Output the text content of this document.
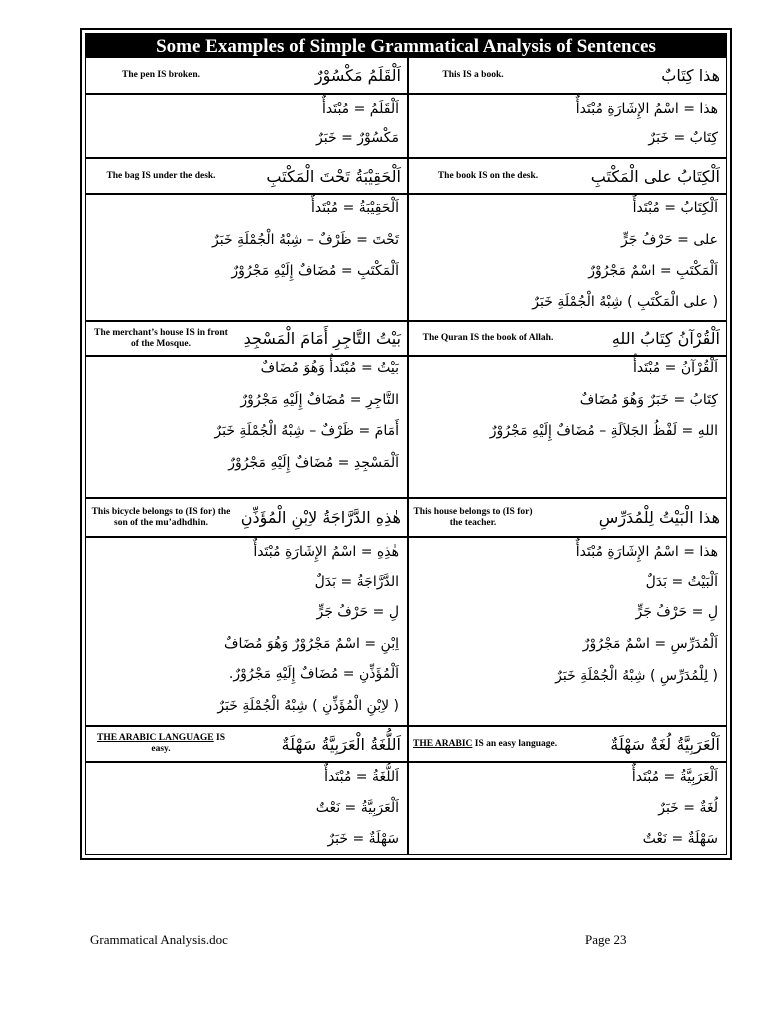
Some Examples of Simple Grammatical Analysis of Sentences
The pen IS broken.	اَلْقَلَمُ مَكْسُوْرٌ
اَلْقَلَمُ = مُبْتَدأٌ
مَكْسُوْرٌ = خَبَرٌ
The bag IS under the desk.	اَلْحَقِيْبَةُ تَحْتَ الْمَكْتَبِ
اَلْحَقِيْبَةُ = مُبْتَدأٌ
تَحْتَ = ظَرْفٌ – شِبْهُ الْجُمْلَةِ خَبَرٌ
اَلْمَكْتَبِ = مُضَافٌ إِلَيْهِ مَجْرُوْرٌ
The merchant’s house IS in front of the Mosque.	بَيْتُ التَّاجِرِ أَمَامَ الْمَسْجِدِ
بَيْتُ = مُبْتَدأٌ وَهُوَ مُضَافٌ
التَّاجِرِ = مُضَافٌ إِلَيْهِ مَجْرُوْرٌ
أَمَامَ = ظَرْفٌ – شِبْهُ الْجُمْلَةِ خَبَرٌ
اَلْمَسْجِدِ = مُضَافٌ إِلَيْهِ مَجْرُوْرٌ
This bicycle belongs to (IS for) the son of the mu’adhdhin.	هٰذِهِ الدَّرَّاجَةُ لاِبْنِ الْمُؤَذِّنِ
هٰذِهِ = اسْمُ الإِشَارَةِ مُبْتَدأٌ
الدَّرَّاجَةُ = بَدَلٌ
لِ = حَرْفُ جَرٍّ
اِبْنِ = اسْمٌ مَجْرُوْرٌ وَهُوَ مُضَافٌ
اَلْمُؤَذِّنِ = مُضَافٌ إِلَيْهِ مَجْرُوْرٌ.
( لاِبْنِ الْمُؤَذِّنِ ) شِبْهُ الْجُمْلَةِ خَبَرٌ
THE ARABIC LANGUAGE IS easy.	اَللُّغَةُ الْعَرَبِيَّةُ سَهْلَةٌ
اَللُّغَةُ = مُبْتَدأٌ
اَلْعَرَبِيَّةُ = نَعْتٌ
سَهْلَةٌ = خَبَرٌ
This IS a book.	هذا كِتَابٌ
هذا = اسْمُ الإِشَارَةِ مُبْتَدأٌ
كِتَابٌ = خَبَرٌ
The book IS on the desk.	اَلْكِتَابُ على الْمَكْتَبِ
اَلْكِتَابُ = مُبْتَدأٌ
على = حَرْفُ جَرٍّ
اَلْمَكْتَبِ = اسْمٌ مَجْرُوْرٌ
( على الْمَكْتَبِ ) شِبْهُ الْجُمْلَةِ خَبَرٌ
The Quran IS the book of Allah.	اَلْقُرْآنُ كِتَابُ اللهِ
اَلْقُرْآنُ = مُبْتَدأٌ
كِتَابُ = خَبَرٌ وَهُوَ مُضَافٌ
اللهِ = لَفْظُ الجَلاَلَةِ – مُضَافٌ إِلَيْهِ مَجْرُوْرٌ
This house belongs to (IS for) the teacher.	هذا الْبَيْتُ لِلْمُدَرِّسِ
هذا = اسْمُ الإِشَارَةِ مُبْتَدأٌ
اَلْبَيْتُ = بَدَلٌ
لِ = حَرْفُ جَرٍّ
اَلْمُدَرِّسِ = اسْمٌ مَجْرُوْرٌ
( لِلْمُدَرِّسِ ) شِبْهُ الْجُمْلَةِ خَبَرٌ
THE ARABIC IS an easy language.	اَلْعَرَبِيَّةُ لُغَةٌ سَهْلَةٌ
اَلْعَرَبِيَّةُ = مُبْتَدأٌ
لُغَةٌ = خَبَرٌ
سَهْلَةٌ = نَعْتٌ
Grammatical Analysis.doc	Page 23
